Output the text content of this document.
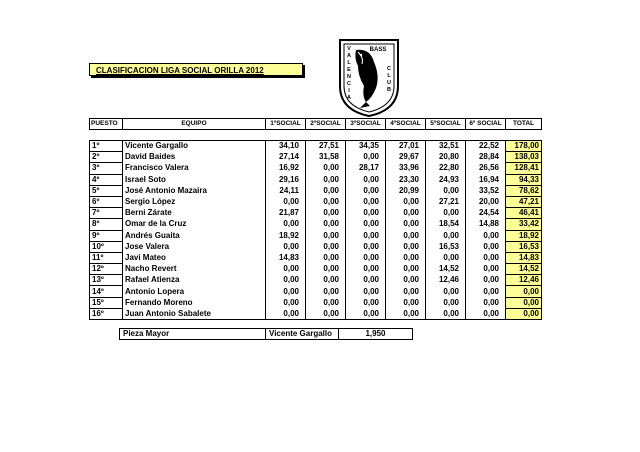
CLASIFICACION LIGA SOCIAL ORILLA 2012
BASS
V
A
L
E
N
C
I
A
C
L
U
B
PUESTO	EQUIPO	1ºSOCIAL	2ºSOCIAL	3ºSOCIAL	4ºSOCIAL	5ºSOCIAL	6º SOCIAL	TOTAL
1º	Vicente Gargallo	34,10	27,51	34,35	27,01	32,51	22,52	178,00
2º	David Baides	27,14	31,58	0,00	29,67	20,80	28,84	138,03
3º	Francisco Valera	16,92	0,00	28,17	33,96	22,80	26,56	128,41
4º	Israel Soto	29,16	0,00	0,00	23,30	24,93	16,94	94,33
5º	José Antonio Mazaira	24,11	0,00	0,00	20,99	0,00	33,52	78,62
6º	Sergio López	0,00	0,00	0,00	0,00	27,21	20,00	47,21
7º	Berni Zárate	21,87	0,00	0,00	0,00	0,00	24,54	46,41
8º	Omar de la Cruz	0,00	0,00	0,00	0,00	18,54	14,88	33,42
9º	Andrés Guaita	18,92	0,00	0,00	0,00	0,00	0,00	18,92
10º	Jose Valera	0,00	0,00	0,00	0,00	16,53	0,00	16,53
11º	Javi Mateo	14,83	0,00	0,00	0,00	0,00	0,00	14,83
12º	Nacho Revert	0,00	0,00	0,00	0,00	14,52	0,00	14,52
13º	Rafael Atienza	0,00	0,00	0,00	0,00	12,46	0,00	12,46
14º	Antonio Lopera	0,00	0,00	0,00	0,00	0,00	0,00	0,00
15º	Fernando Moreno	0,00	0,00	0,00	0,00	0,00	0,00	0,00
16º	Juan Antonio Sabalete	0,00	0,00	0,00	0,00	0,00	0,00	0,00
Pieza Mayor	Vicente Gargallo	1,950
